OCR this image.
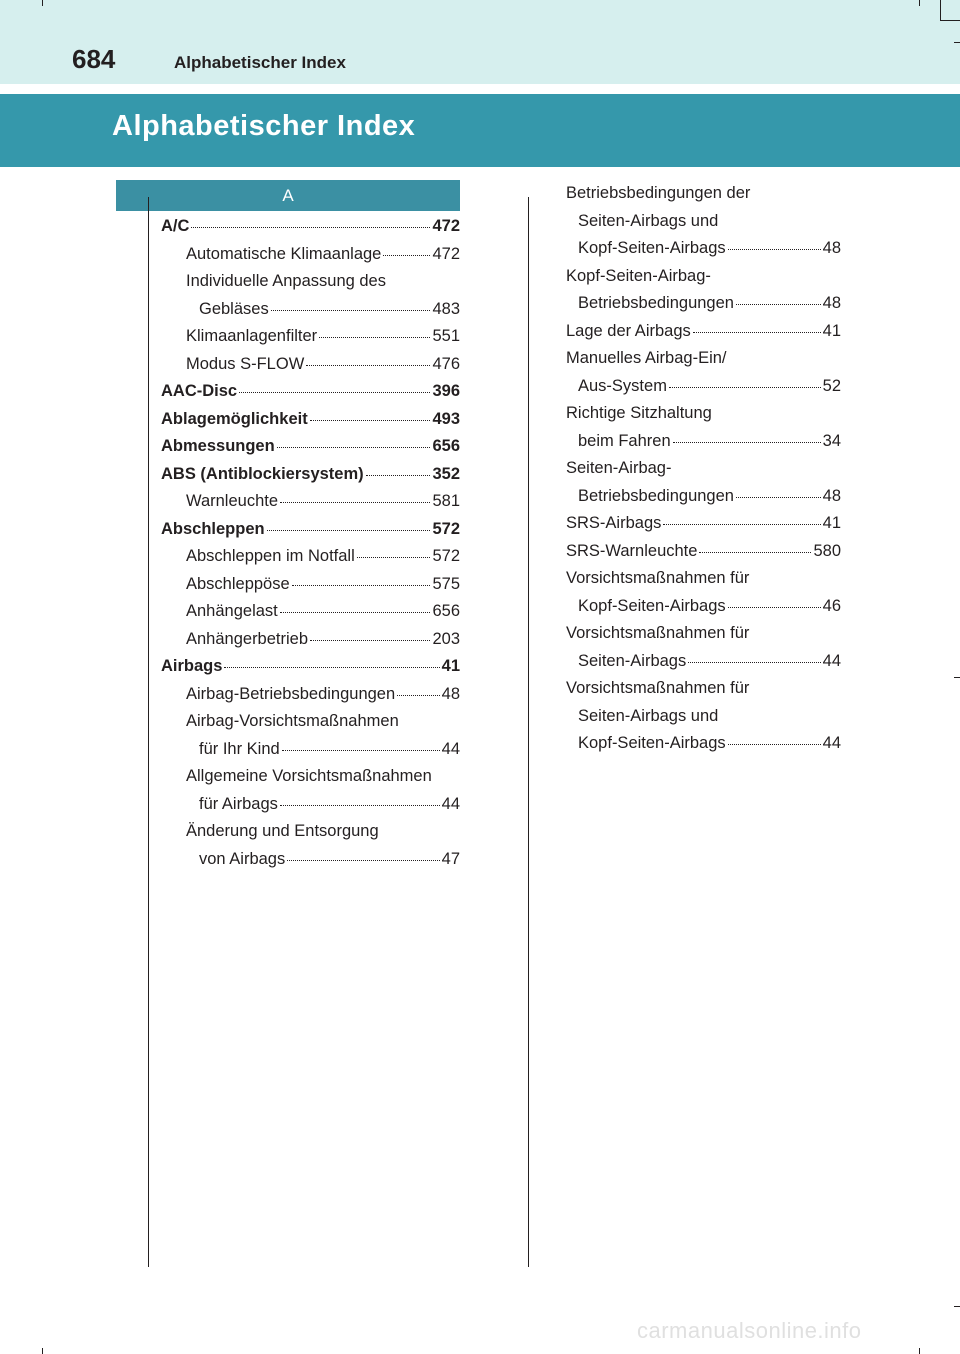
684	Alphabetischer Index
Alphabetischer Index
A
A/C	472
Automatische Klimaanlage	472
Individuelle Anpassung des
Gebläses	483
Klimaanlagenfilter	551
Modus S-FLOW	476
AAC-Disc	396
Ablagemöglichkeit	493
Abmessungen	656
ABS (Antiblockiersystem)	352
Warnleuchte	581
Abschleppen	572
Abschleppen im Notfall	572
Abschleppöse	575
Anhängelast	656
Anhängerbetrieb	203
Airbags	41
Airbag-Betriebsbedingungen	48
Airbag-Vorsichtsmaßnahmen
für Ihr Kind	44
Allgemeine Vorsichtsmaßnahmen
für Airbags	44
Änderung und Entsorgung
von Airbags	47
Betriebsbedingungen der
Seiten-Airbags und
Kopf-Seiten-Airbags	48
Kopf-Seiten-Airbag-
Betriebsbedingungen	48
Lage der Airbags	41
Manuelles Airbag-Ein/
Aus-System	52
Richtige Sitzhaltung
beim Fahren	34
Seiten-Airbag-
Betriebsbedingungen	48
SRS-Airbags	41
SRS-Warnleuchte	580
Vorsichtsmaßnahmen für
Kopf-Seiten-Airbags	46
Vorsichtsmaßnahmen für
Seiten-Airbags	44
Vorsichtsmaßnahmen für
Seiten-Airbags und
Kopf-Seiten-Airbags	44
carmanualsonline.info
